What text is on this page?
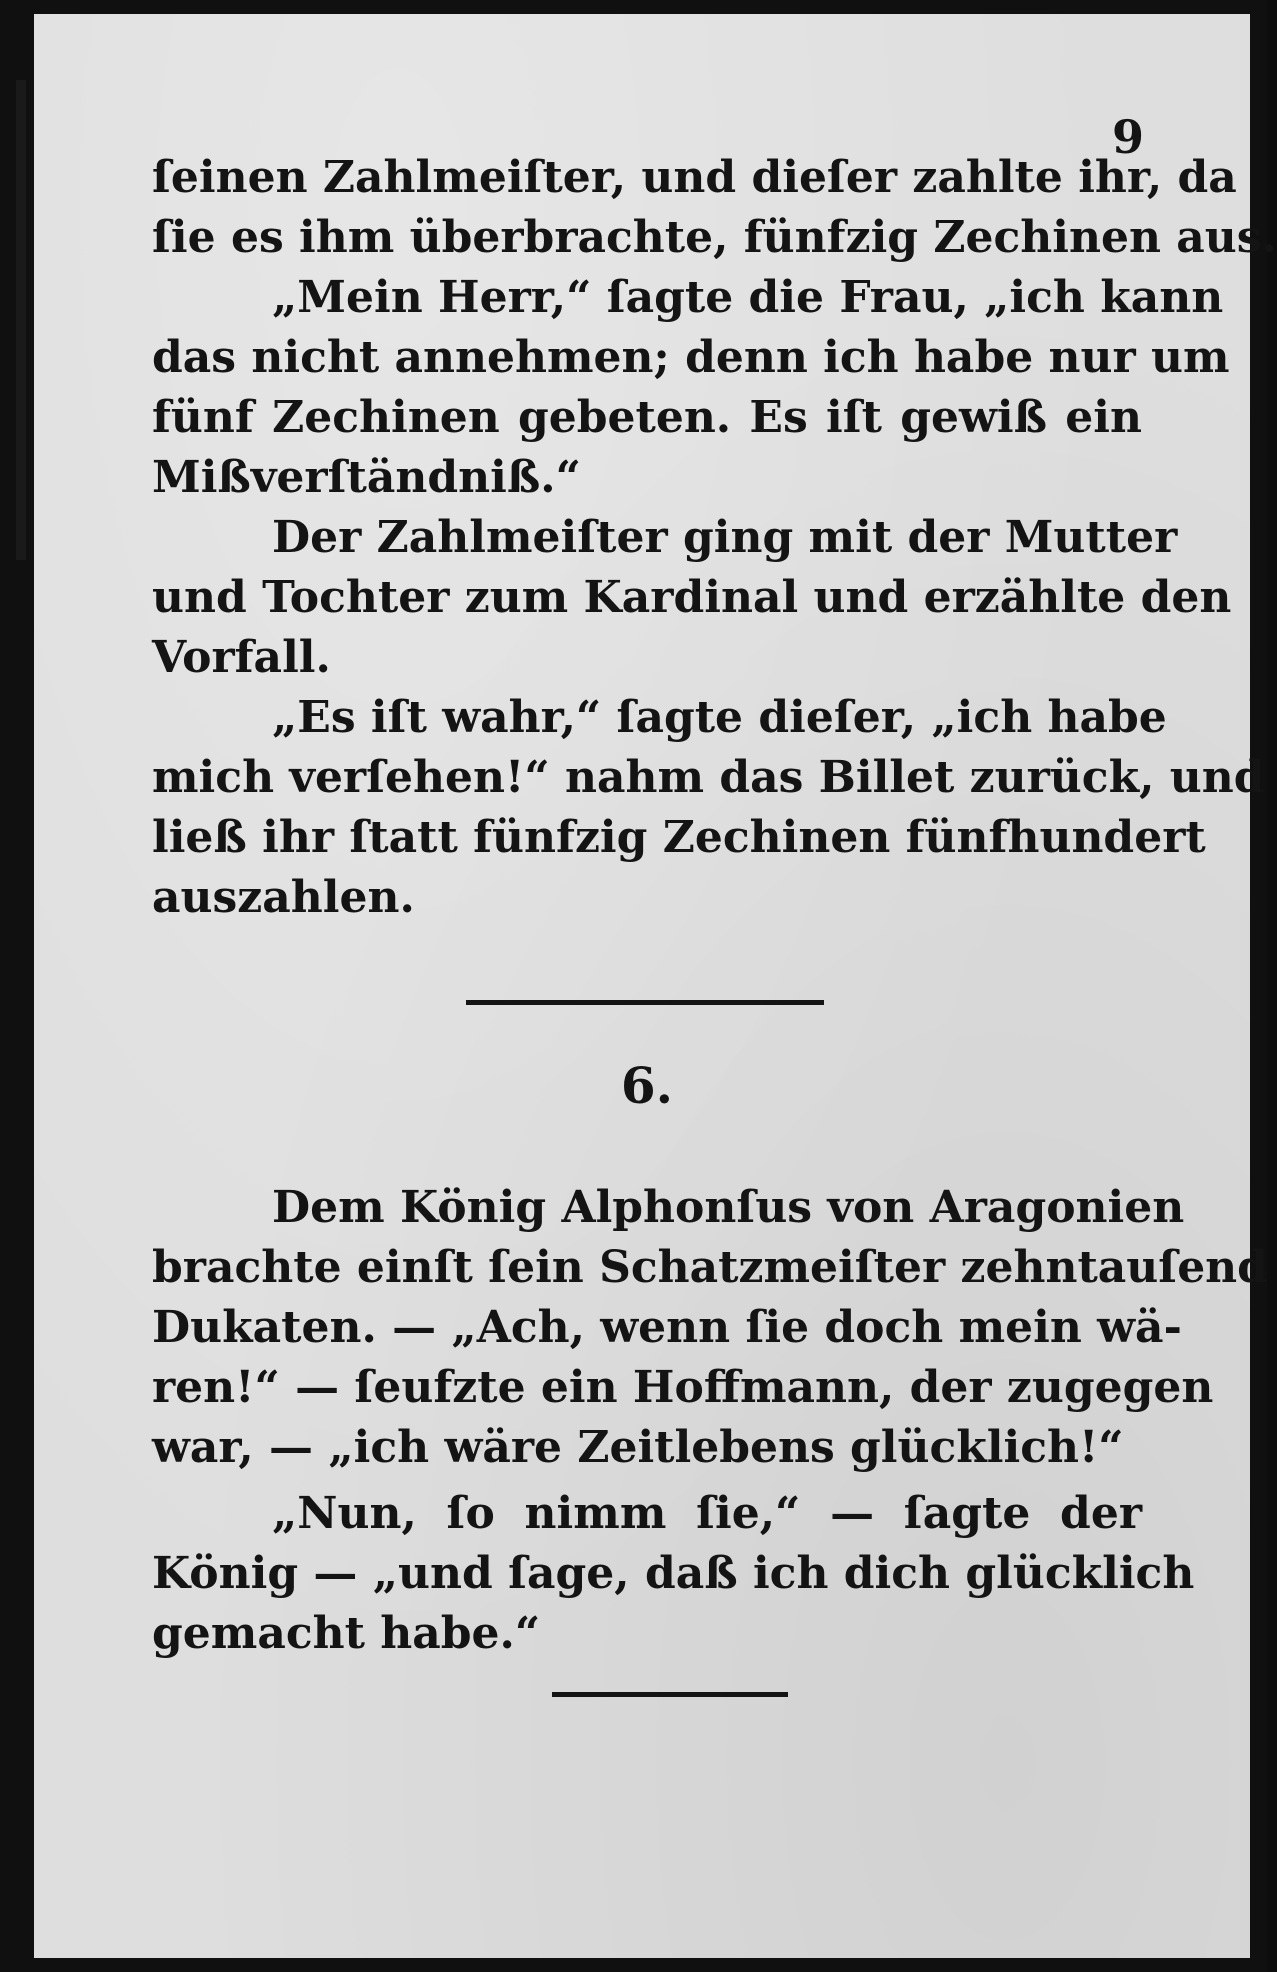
9
ſeinen Zahlmeiſter, und dieſer zahlte ihr, da
ſie es ihm überbrachte, fünfzig Zechinen aus.
„Mein Herr,“ ſagte die Frau, „ich kann
das nicht annehmen; denn ich habe nur um
fünf Zechinen gebeten. Es iſt gewiß ein
Mißverſtändniß.“
Der Zahlmeiſter ging mit der Mutter
und Tochter zum Kardinal und erzählte den
Vorfall.
„Es iſt wahr,“ ſagte dieſer, „ich habe
mich verſehen!“ nahm das Billet zurück, und
ließ ihr ſtatt fünfzig Zechinen fünfhundert
auszahlen.
6.
Dem König Alphonſus von Aragonien
brachte einſt ſein Schatzmeiſter zehntauſend
Dukaten. — „Ach, wenn ſie doch mein wä-
ren!“ — ſeufzte ein Hoffmann, der zugegen
war, — „ich wäre Zeitlebens glücklich!“
„Nun, ſo nimm ſie,“ — ſagte der
König — „und ſage, daß ich dich glücklich
gemacht habe.“
